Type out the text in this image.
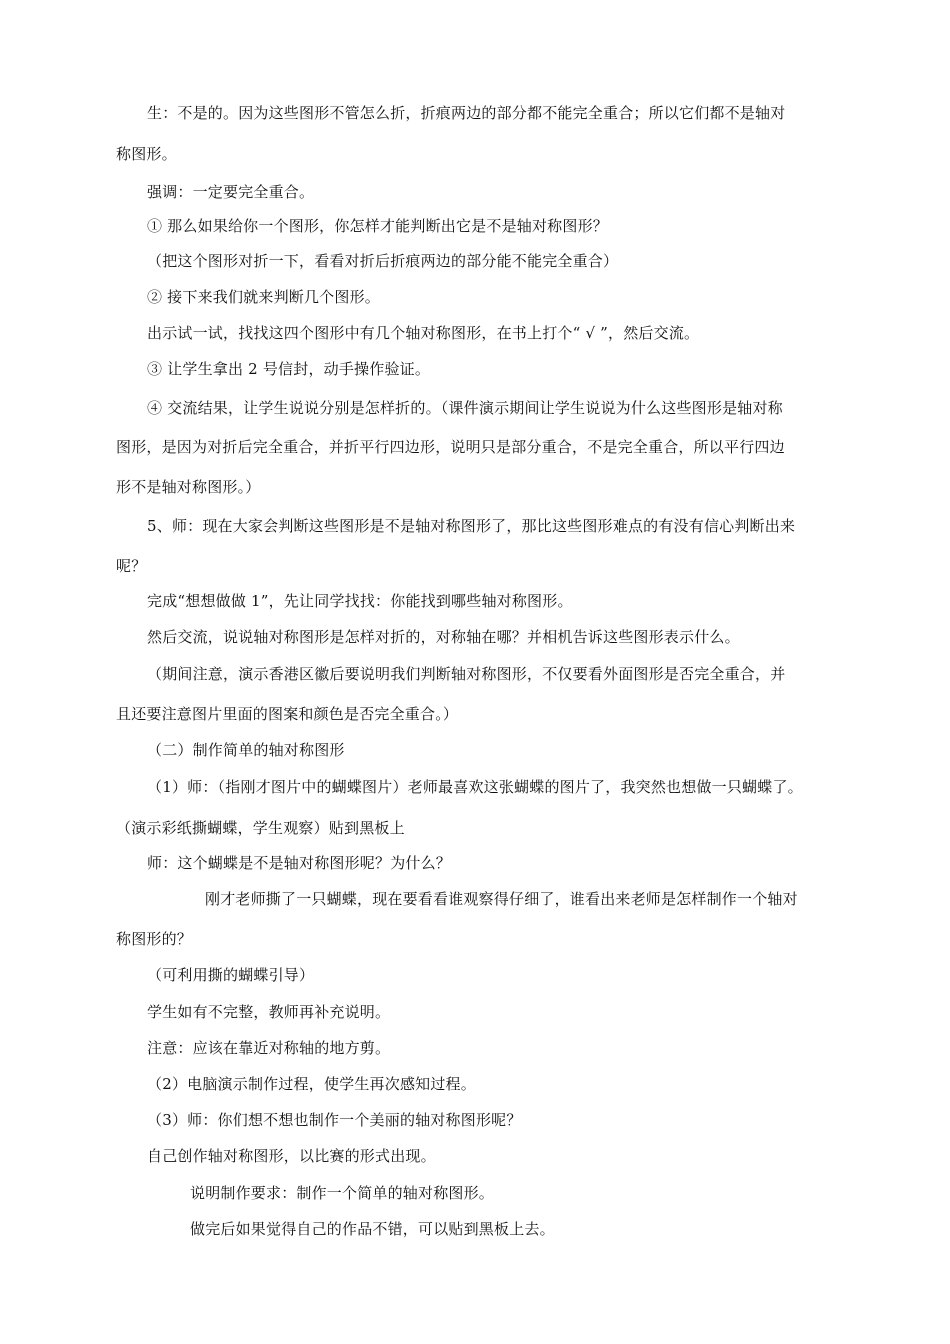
生：不是的。因为这些图形不管怎么折，折痕两边的部分都不能完全重合；所以它们都不是轴对
称图形。
强调：一定要完全重合。
① 那么如果给你一个图形，你怎样才能判断出它是不是轴对称图形？
（把这个图形对折一下，看看对折后折痕两边的部分能不能完全重合）
② 接下来我们就来判断几个图形。
出示试一试，找找这四个图形中有几个轴对称图形，在书上打个“ √ ”，然后交流。
③ 让学生拿出 2 号信封，动手操作验证。
④ 交流结果，让学生说说分别是怎样折的。（课件演示期间让学生说说为什么这些图形是轴对称
图形，是因为对折后完全重合，并折平行四边形，说明只是部分重合，不是完全重合，所以平行四边
形不是轴对称图形。）
5、师：现在大家会判断这些图形是不是轴对称图形了，那比这些图形难点的有没有信心判断出来
呢？
完成“想想做做 1”，先让同学找找：你能找到哪些轴对称图形。
然后交流，说说轴对称图形是怎样对折的，对称轴在哪？并相机告诉这些图形表示什么。
（期间注意，演示香港区徽后要说明我们判断轴对称图形，不仅要看外面图形是否完全重合，并
且还要注意图片里面的图案和颜色是否完全重合。）
（二）制作简单的轴对称图形
（1）师：（指刚才图片中的蝴蝶图片）老师最喜欢这张蝴蝶的图片了，我突然也想做一只蝴蝶了。
（演示彩纸撕蝴蝶，学生观察）贴到黑板上
师：这个蝴蝶是不是轴对称图形呢？为什么？
刚才老师撕了一只蝴蝶，现在要看看谁观察得仔细了，谁看出来老师是怎样制作一个轴对
称图形的？
（可利用撕的蝴蝶引导）
学生如有不完整，教师再补充说明。
注意：应该在靠近对称轴的地方剪。
（2）电脑演示制作过程，使学生再次感知过程。
（3）师：你们想不想也制作一个美丽的轴对称图形呢？
自己创作轴对称图形，以比赛的形式出现。
说明制作要求：制作一个简单的轴对称图形。
做完后如果觉得自己的作品不错，可以贴到黑板上去。
